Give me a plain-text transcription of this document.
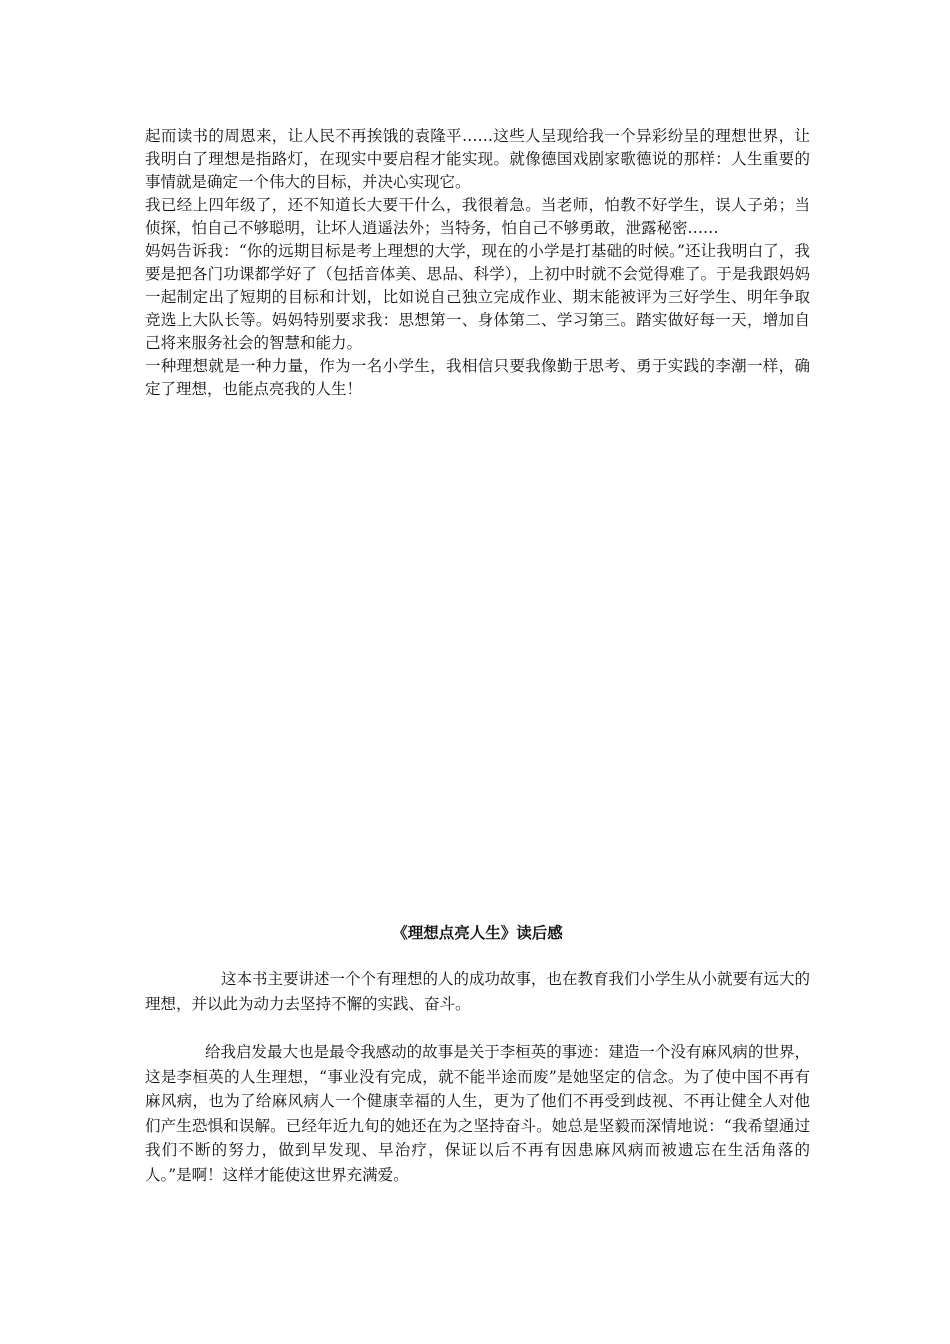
起而读书的周恩来，让人民不再挨饿的袁隆平……这些人呈现给我一个异彩纷呈的理想世界，让我明白了理想是指路灯，在现实中要启程才能实现。就像德国戏剧家歌德说的那样：人生重要的事情就是确定一个伟大的目标，并决心实现它。

我已经上四年级了，还不知道长大要干什么，我很着急。当老师，怕教不好学生，误人子弟；当侦探，怕自己不够聪明，让坏人逍遥法外；当特务，怕自己不够勇敢，泄露秘密……

妈妈告诉我：“你的远期目标是考上理想的大学，现在的小学是打基础的时候。”还让我明白了，我要是把各门功课都学好了（包括音体美、思品、科学），上初中时就不会觉得难了。于是我跟妈妈一起制定出了短期的目标和计划，比如说自己独立完成作业、期末能被评为三好学生、明年争取竞选上大队长等。妈妈特别要求我：思想第一、身体第二、学习第三。踏实做好每一天，增加自己将来服务社会的智慧和能力。

一种理想就是一种力量，作为一名小学生，我相信只要我像勤于思考、勇于实践的李潮一样，确定了理想，也能点亮我的人生！

《理想点亮人生》读后感

这本书主要讲述一个个有理想的人的成功故事，也在教育我们小学生从小就要有远大的理想，并以此为动力去坚持不懈的实践、奋斗。

给我启发最大也是最令我感动的故事是关于李桓英的事迹：建造一个没有麻风病的世界，这是李桓英的人生理想，“事业没有完成，就不能半途而废”是她坚定的信念。为了使中国不再有麻风病，也为了给麻风病人一个健康幸福的人生，更为了他们不再受到歧视、不再让健全人对他们产生恐惧和误解。已经年近九旬的她还在为之坚持奋斗。她总是坚毅而深情地说：“我希望通过我们不断的努力，做到早发现、早治疗，保证以后不再有因患麻风病而被遗忘在生活角落的人。”是啊！这样才能使这世界充满爱。
